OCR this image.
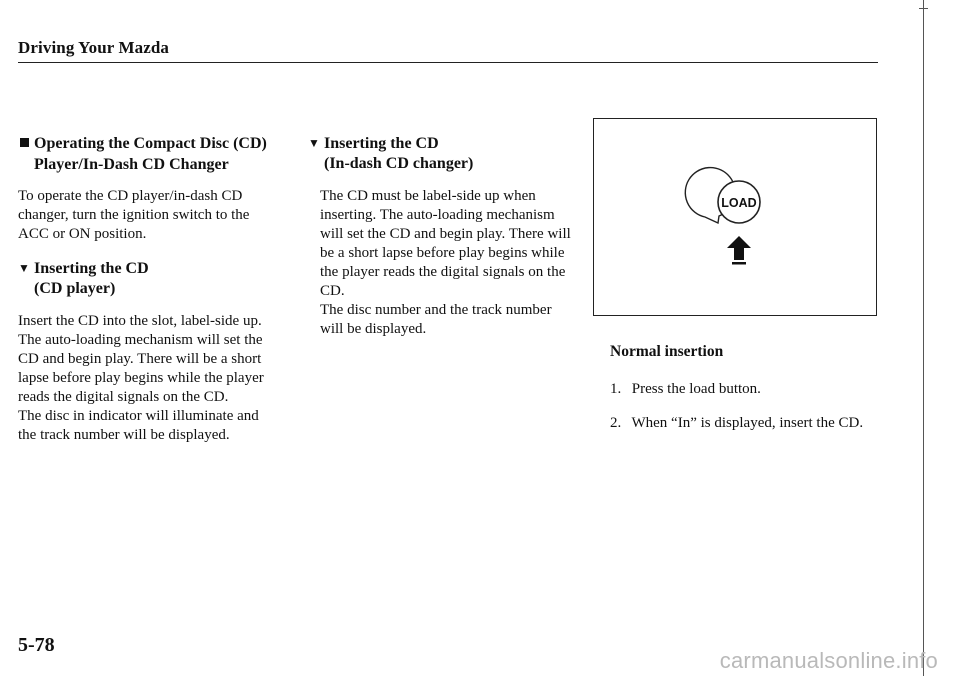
Driving Your Mazda
Operating the Compact Disc (CD)
Player/In-Dash CD Changer

To operate the CD player/in-dash CD

changer, turn the ignition switch to the

ACC or ON position.

▼ Inserting the CD
(CD player)

Insert the CD into the slot, label-side up.

The auto-loading mechanism will set the

CD and begin play. There will be a short

lapse before play begins while the player

reads the digital signals on the CD.

The disc in indicator will illuminate and

the track number will be displayed.

▼ Inserting the CD
(In-dash CD changer)

The CD must be label-side up when

inserting. The auto-loading mechanism

will set the CD and begin play. There will

be a short lapse before play begins while

the player reads the digital signals on the

CD.

The disc number and the track number

will be displayed.

LOAD
Normal insertion
1. Press the load button.
2. When “In” is displayed, insert the CD.
5-78
carmanualsonline.info
